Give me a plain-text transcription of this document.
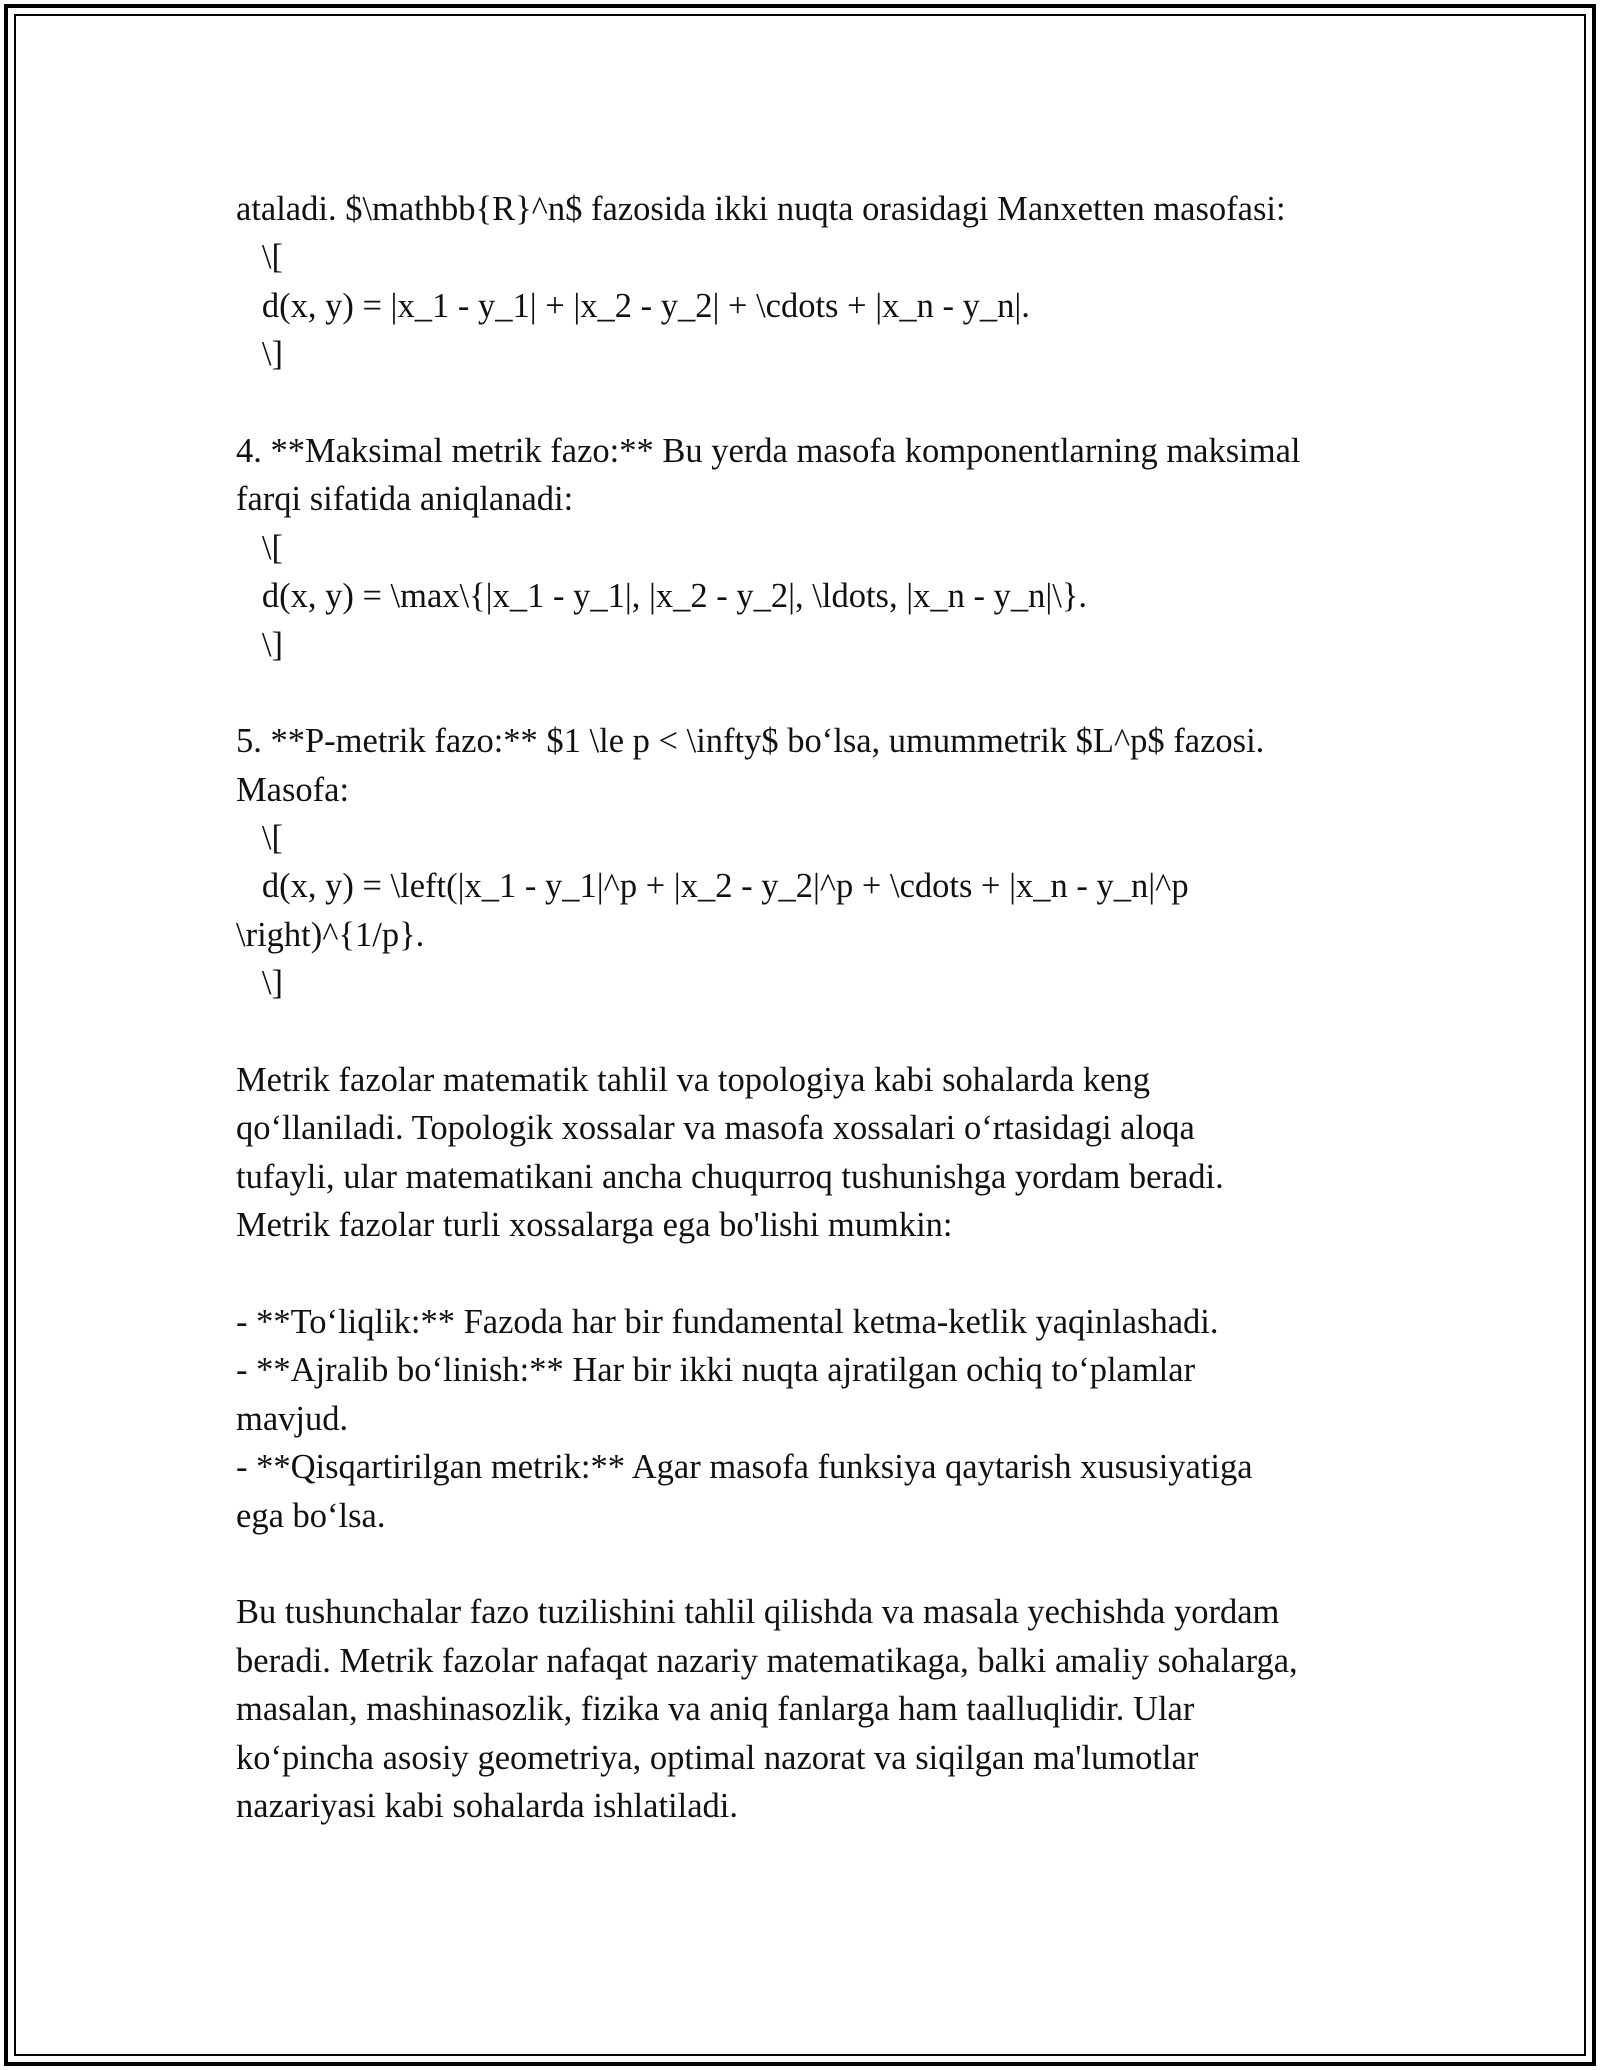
ataladi. $\mathbb{R}^n$ fazosida ikki nuqta orasidagi Manxetten masofasi:
\[
d(x, y) = |x_1 - y_1| + |x_2 - y_2| + \cdots + |x_n - y_n|.
\]
4. **Maksimal metrik fazo:** Bu yerda masofa komponentlarning maksimal
farqi sifatida aniqlanadi:
\[
d(x, y) = \max\{|x_1 - y_1|, |x_2 - y_2|, \ldots, |x_n - y_n|\}.
\]
5. **P-metrik fazo:** $1 \le p < \infty$ bo‘lsa, umummetrik $L^p$ fazosi.
Masofa:
\[
d(x, y) = \left(|x_1 - y_1|^p + |x_2 - y_2|^p + \cdots + |x_n - y_n|^p
\right)^{1/p}.
\]
Metrik fazolar matematik tahlil va topologiya kabi sohalarda keng
qo‘llaniladi. Topologik xossalar va masofa xossalari o‘rtasidagi aloqa
tufayli, ular matematikani ancha chuqurroq tushunishga yordam beradi.
Metrik fazolar turli xossalarga ega bo'lishi mumkin:
- **To‘liqlik:** Fazoda har bir fundamental ketma-ketlik yaqinlashadi.
- **Ajralib bo‘linish:** Har bir ikki nuqta ajratilgan ochiq to‘plamlar
mavjud.
- **Qisqartirilgan metrik:** Agar masofa funksiya qaytarish xususiyatiga
ega bo‘lsa.
Bu tushunchalar fazo tuzilishini tahlil qilishda va masala yechishda yordam
beradi. Metrik fazolar nafaqat nazariy matematikaga, balki amaliy sohalarga,
masalan, mashinasozlik, fizika va aniq fanlarga ham taalluqlidir. Ular
ko‘pincha asosiy geometriya, optimal nazorat va siqilgan ma'lumotlar
nazariyasi kabi sohalarda ishlatiladi.
